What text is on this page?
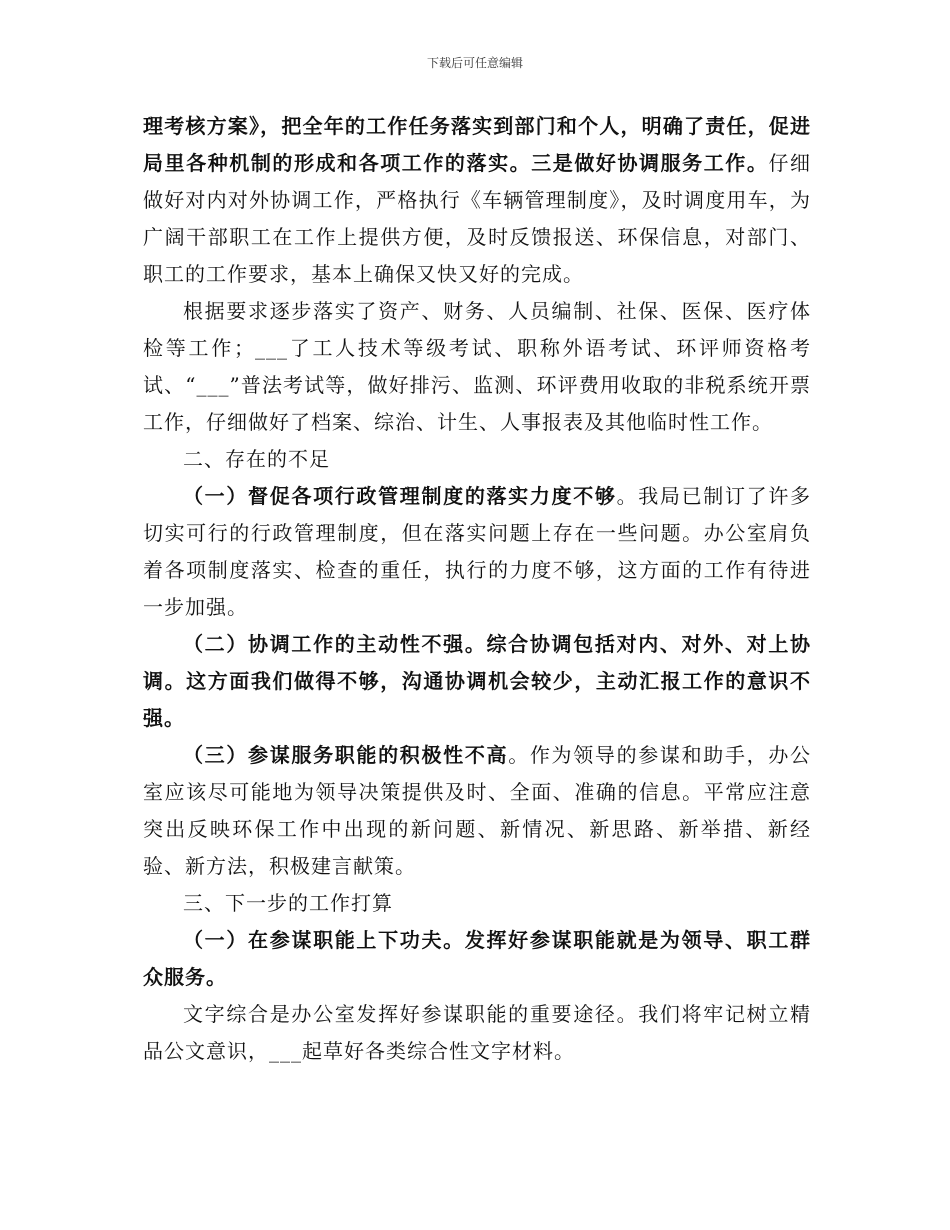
下载后可任意编辑

理考核方案》，把全年的工作任务落实到部门和个人，明确了责任，促进局里各种机制的形成和各项工作的落实。三是做好协调服务工作。仔细做好对内对外协调工作，严格执行《车辆管理制度》，及时调度用车，为广阔干部职工在工作上提供方便，及时反馈报送、环保信息，对部门、职工的工作要求，基本上确保又快又好的完成。

根据要求逐步落实了资产、财务、人员编制、社保、医保、医疗体检等工作；___了工人技术等级考试、职称外语考试、环评师资格考试、“___”普法考试等，做好排污、监测、环评费用收取的非税系统开票工作，仔细做好了档案、综治、计生、人事报表及其他临时性工作。

二、存在的不足

（一）督促各项行政管理制度的落实力度不够。我局已制订了许多切实可行的行政管理制度，但在落实问题上存在一些问题。办公室肩负着各项制度落实、检查的重任，执行的力度不够，这方面的工作有待进一步加强。

（二）协调工作的主动性不强。综合协调包括对内、对外、对上协调。这方面我们做得不够，沟通协调机会较少，主动汇报工作的意识不强。

（三）参谋服务职能的积极性不高。作为领导的参谋和助手，办公室应该尽可能地为领导决策提供及时、全面、准确的信息。平常应注意突出反映环保工作中出现的新问题、新情况、新思路、新举措、新经验、新方法，积极建言献策。

三、下一步的工作打算

（一）在参谋职能上下功夫。发挥好参谋职能就是为领导、职工群众服务。

文字综合是办公室发挥好参谋职能的重要途径。我们将牢记树立精品公文意识，___起草好各类综合性文字材料。
